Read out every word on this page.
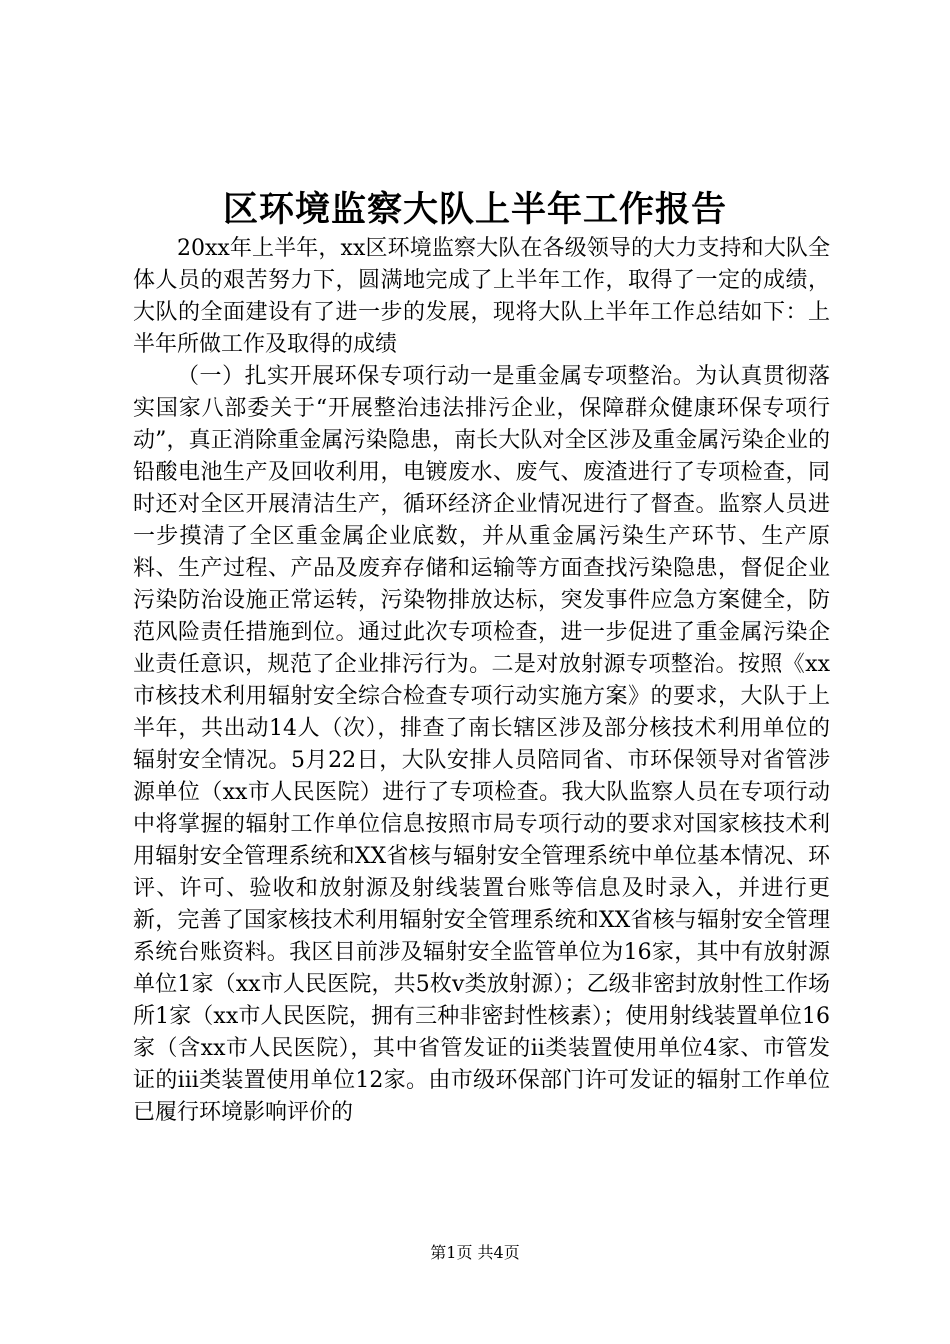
区环境监察大队上半年工作报告

20xx年上半年，xx区环境监察大队在各级领导的大力支持和大队全体人员的艰苦努力下，圆满地完成了上半年工作，取得了一定的成绩，大队的全面建设有了进一步的发展，现将大队上半年工作总结如下：上半年所做工作及取得的成绩

（一）扎实开展环保专项行动一是重金属专项整治。为认真贯彻落实国家八部委关于“开展整治违法排污企业，保障群众健康环保专项行动”，真正消除重金属污染隐患，南长大队对全区涉及重金属污染企业的铅酸电池生产及回收利用，电镀废水、废气、废渣进行了专项检查，同时还对全区开展清洁生产，循环经济企业情况进行了督查。监察人员进一步摸清了全区重金属企业底数，并从重金属污染生产环节、生产原料、生产过程、产品及废弃存储和运输等方面查找污染隐患，督促企业污染防治设施正常运转，污染物排放达标，突发事件应急方案健全，防范风险责任措施到位。通过此次专项检查，进一步促进了重金属污染企业责任意识，规范了企业排污行为。二是对放射源专项整治。按照《xx市核技术利用辐射安全综合检查专项行动实施方案》的要求，大队于上半年，共出动14人（次），排查了南长辖区涉及部分核技术利用单位的辐射安全情况。5月22日，大队安排人员陪同省、市环保领导对省管涉源单位（xx市人民医院）进行了专项检查。我大队监察人员在专项行动中将掌握的辐射工作单位信息按照市局专项行动的要求对国家核技术利用辐射安全管理系统和XX省核与辐射安全管理系统中单位基本情况、环评、许可、验收和放射源及射线装置台账等信息及时录入，并进行更新，完善了国家核技术利用辐射安全管理系统和XX省核与辐射安全管理系统台账资料。我区目前涉及辐射安全监管单位为16家，其中有放射源单位1家（xx市人民医院，共5枚v类放射源）；乙级非密封放射性工作场所1家（xx市人民医院，拥有三种非密封性核素）；使用射线装置单位16家（含xx市人民医院），其中省管发证的ii类装置使用单位4家、市管发证的iii类装置使用单位12家。由市级环保部门许可发证的辐射工作单位已履行环境影响评价的

第1页 共4页
